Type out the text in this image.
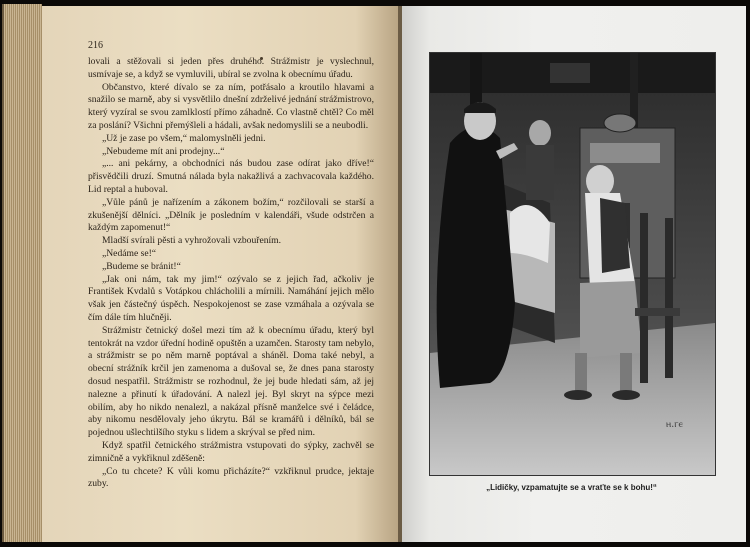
216

lovali a stěžovali si jeden přes druhého. Strážmistr je vyslechnul, usmívaje se, a když se vymluvili, ubíral se zvolna k obecnímu úřadu.

Občanstvo, které dívalo se za ním, potřásalo a kroutilo hlavami a snažilo se marně, aby si vysvětlilo dnešní zdrželivé jednání strážmistrovo, který vyzíral se svou zamlklostí přímo záhadně. Co vlastně chtěl? Co měl za poslání? Všichni přemýšleli a hádali, avšak nedomyslili se a neubodli.

„Už je zase po všem,“ malomyslněli jedni.

„Nebudeme mít ani prodejny...“

„... ani pekárny, a obchodníci nás budou zase odírat jako dříve!“ přisvědčili druzí. Smutná nálada byla nakažlivá a zachvacovala každého. Lid reptal a huboval.

„Vůle pánů je nařízením a zákonem božím,“ rozčilovali se starší a zkušenější dělníci. „Dělník je posledním v kalendáři, všude odstrčen a každým zapomenut!“

Mladší svírali pěsti a vyhrožovali vzbouřením.

„Nedáme se!“

„Budeme se bránit!“

„Jak oni nám, tak my jim!“ ozývalo se z jejich řad, ačkoliv je František Kvdalů s Votápkou chlácholili a mírnili. Namáhání jejich mělo však jen částečný úspěch. Nespokojenost se zase vzmáhala a ozývala se čím dále tím hlučněji.

Strážmistr četnický došel mezi tím až k obecnímu úřadu, který byl tentokrát na vzdor úřední hodině opuštěn a uzamčen. Starosty tam nebylo, a strážmistr se po něm marně poptával a sháněl. Doma také nebyl, a obecní strážník krčil jen zamenoma a dušoval se, že dnes pana starosty dosud nespatřil. Strážmistr se rozhodnul, že jej bude hledati sám, až jej nalezne a přinutí k úřadování. A nalezl jej. Byl skryt na sýpce mezi obilím, aby ho nikdo nenalezl, a nakázal přísně manželce své i čeládce, aby nikomu nesdělovaly jeho úkrytu. Bál se kramářů i dělníků, bál se pojednou ušlechtilšího styku s lidem a skrýval se před nim.

Když spatřil četnického strážmistra vstupovati do sýpky, zachvěl se zimničně a vykřiknul zděšeně:

„Co tu chcete? K vůli komu přicházíte?“ vzkřiknul prudce, jektaje zuby.

ⲏ.ⲅⲉ
„Lidičky, vzpamatujte se a vraťte se k bohu!“
